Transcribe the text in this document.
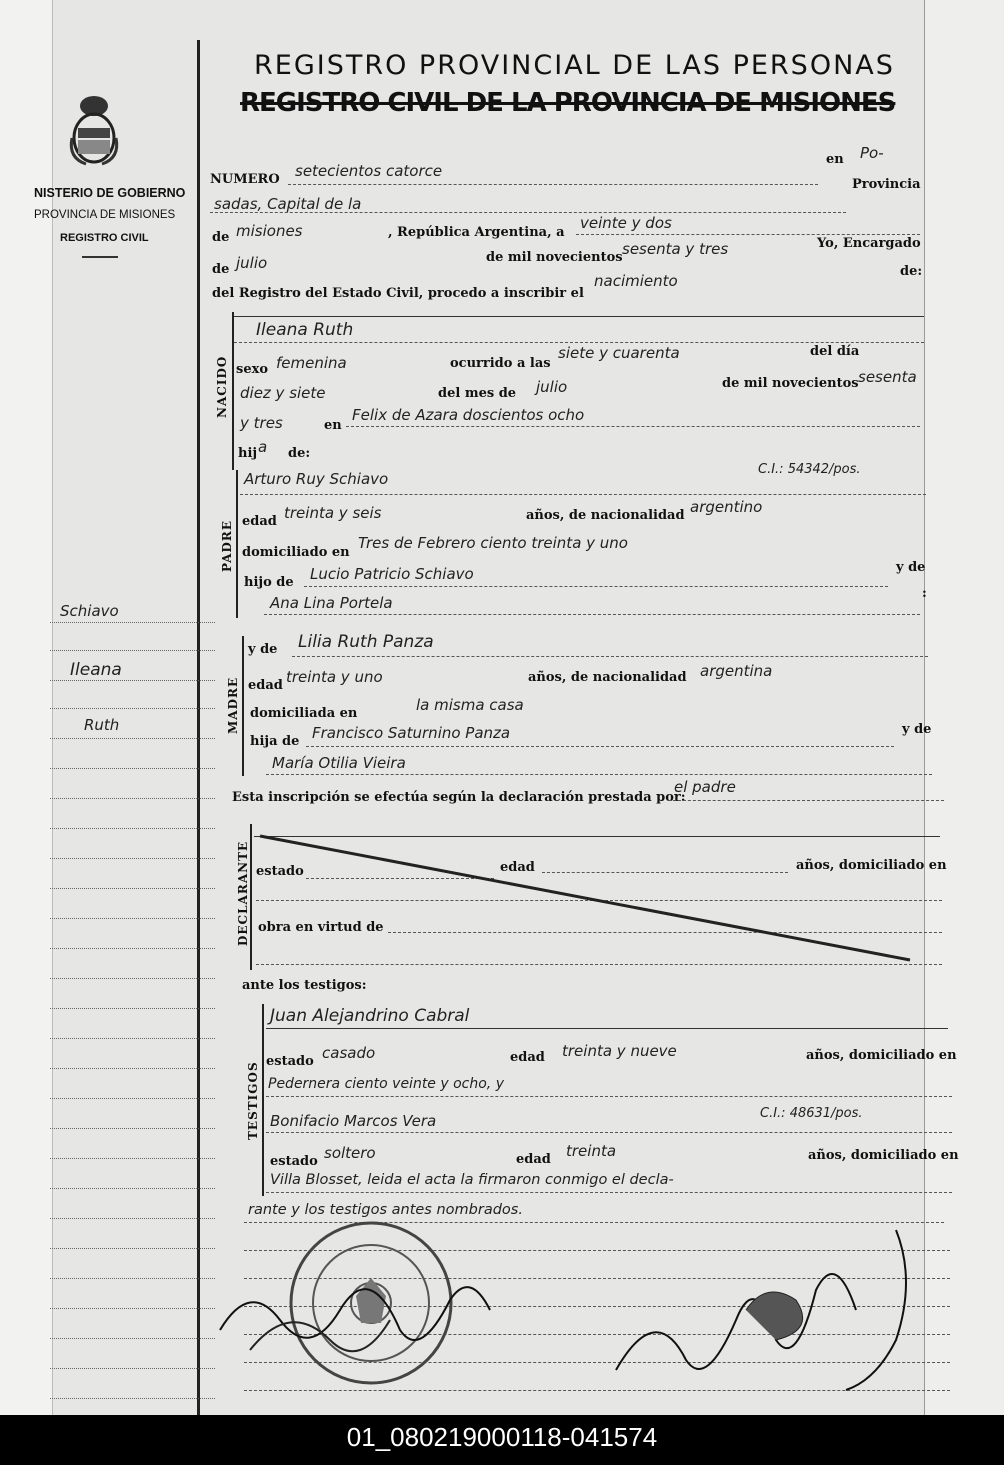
NISTERIO DE GOBIERNO
PROVINCIA DE MISIONES
REGISTRO CIVIL
Schiavo
Ileana
Ruth
REGISTRO PROVINCIAL DE LAS PERSONAS
REGISTRO CIVIL DE LA PROVINCIA DE MISIONES
NUMERO setecientos catorce
en Po-
sadas, Capital de la
Provincia
de misiones	, República Argentina, a
veinte y dos
de julio	de mil novecientos sesenta y tres	Yo, Encargado
de:
del Registro del Estado Civil, procedo a inscribir el
nacimiento
NACIDO
Ileana Ruth
sexo femenina	ocurrido a las
siete y cuarenta	del día
diez y siete	del mes de julio	de mil novecientos sesenta
y tres	en
Felix de Azara doscientos ocho
hij a de:
PADRE
Arturo Ruy Schiavo
C.I.: 54342/pos.
edad treinta y seis	años, de nacionalidad argentino
domiciliado en
Tres de Febrero ciento treinta y uno
hijo de Lucio Patricio Schiavo	y de
Ana Lina Portela
:
MADRE
y de Lilia Ruth Panza
edad treinta y uno	años, de nacionalidad argentina
domiciliada en	la misma casa
hija de Francisco Saturnino Panza	y de
María Otilia Vieira
Esta inscripción se efectúa según la declaración prestada por:
el padre
DECLARANTE estado	edad	años, domiciliado en
obra en virtud de
ante los testigos:
TESTIGOS
Juan Alejandrino Cabral
estado casado	edad treinta y nueve	años, domiciliado en
Pedernera ciento veinte y ocho, y
Bonifacio Marcos Vera	C.I.: 48631/pos.
estado soltero	edad treinta	años, domiciliado en
Villa Blosset, leida el acta la firmaron conmigo el decla-
rante y los testigos antes nombrados.
01_080219000118-041574
